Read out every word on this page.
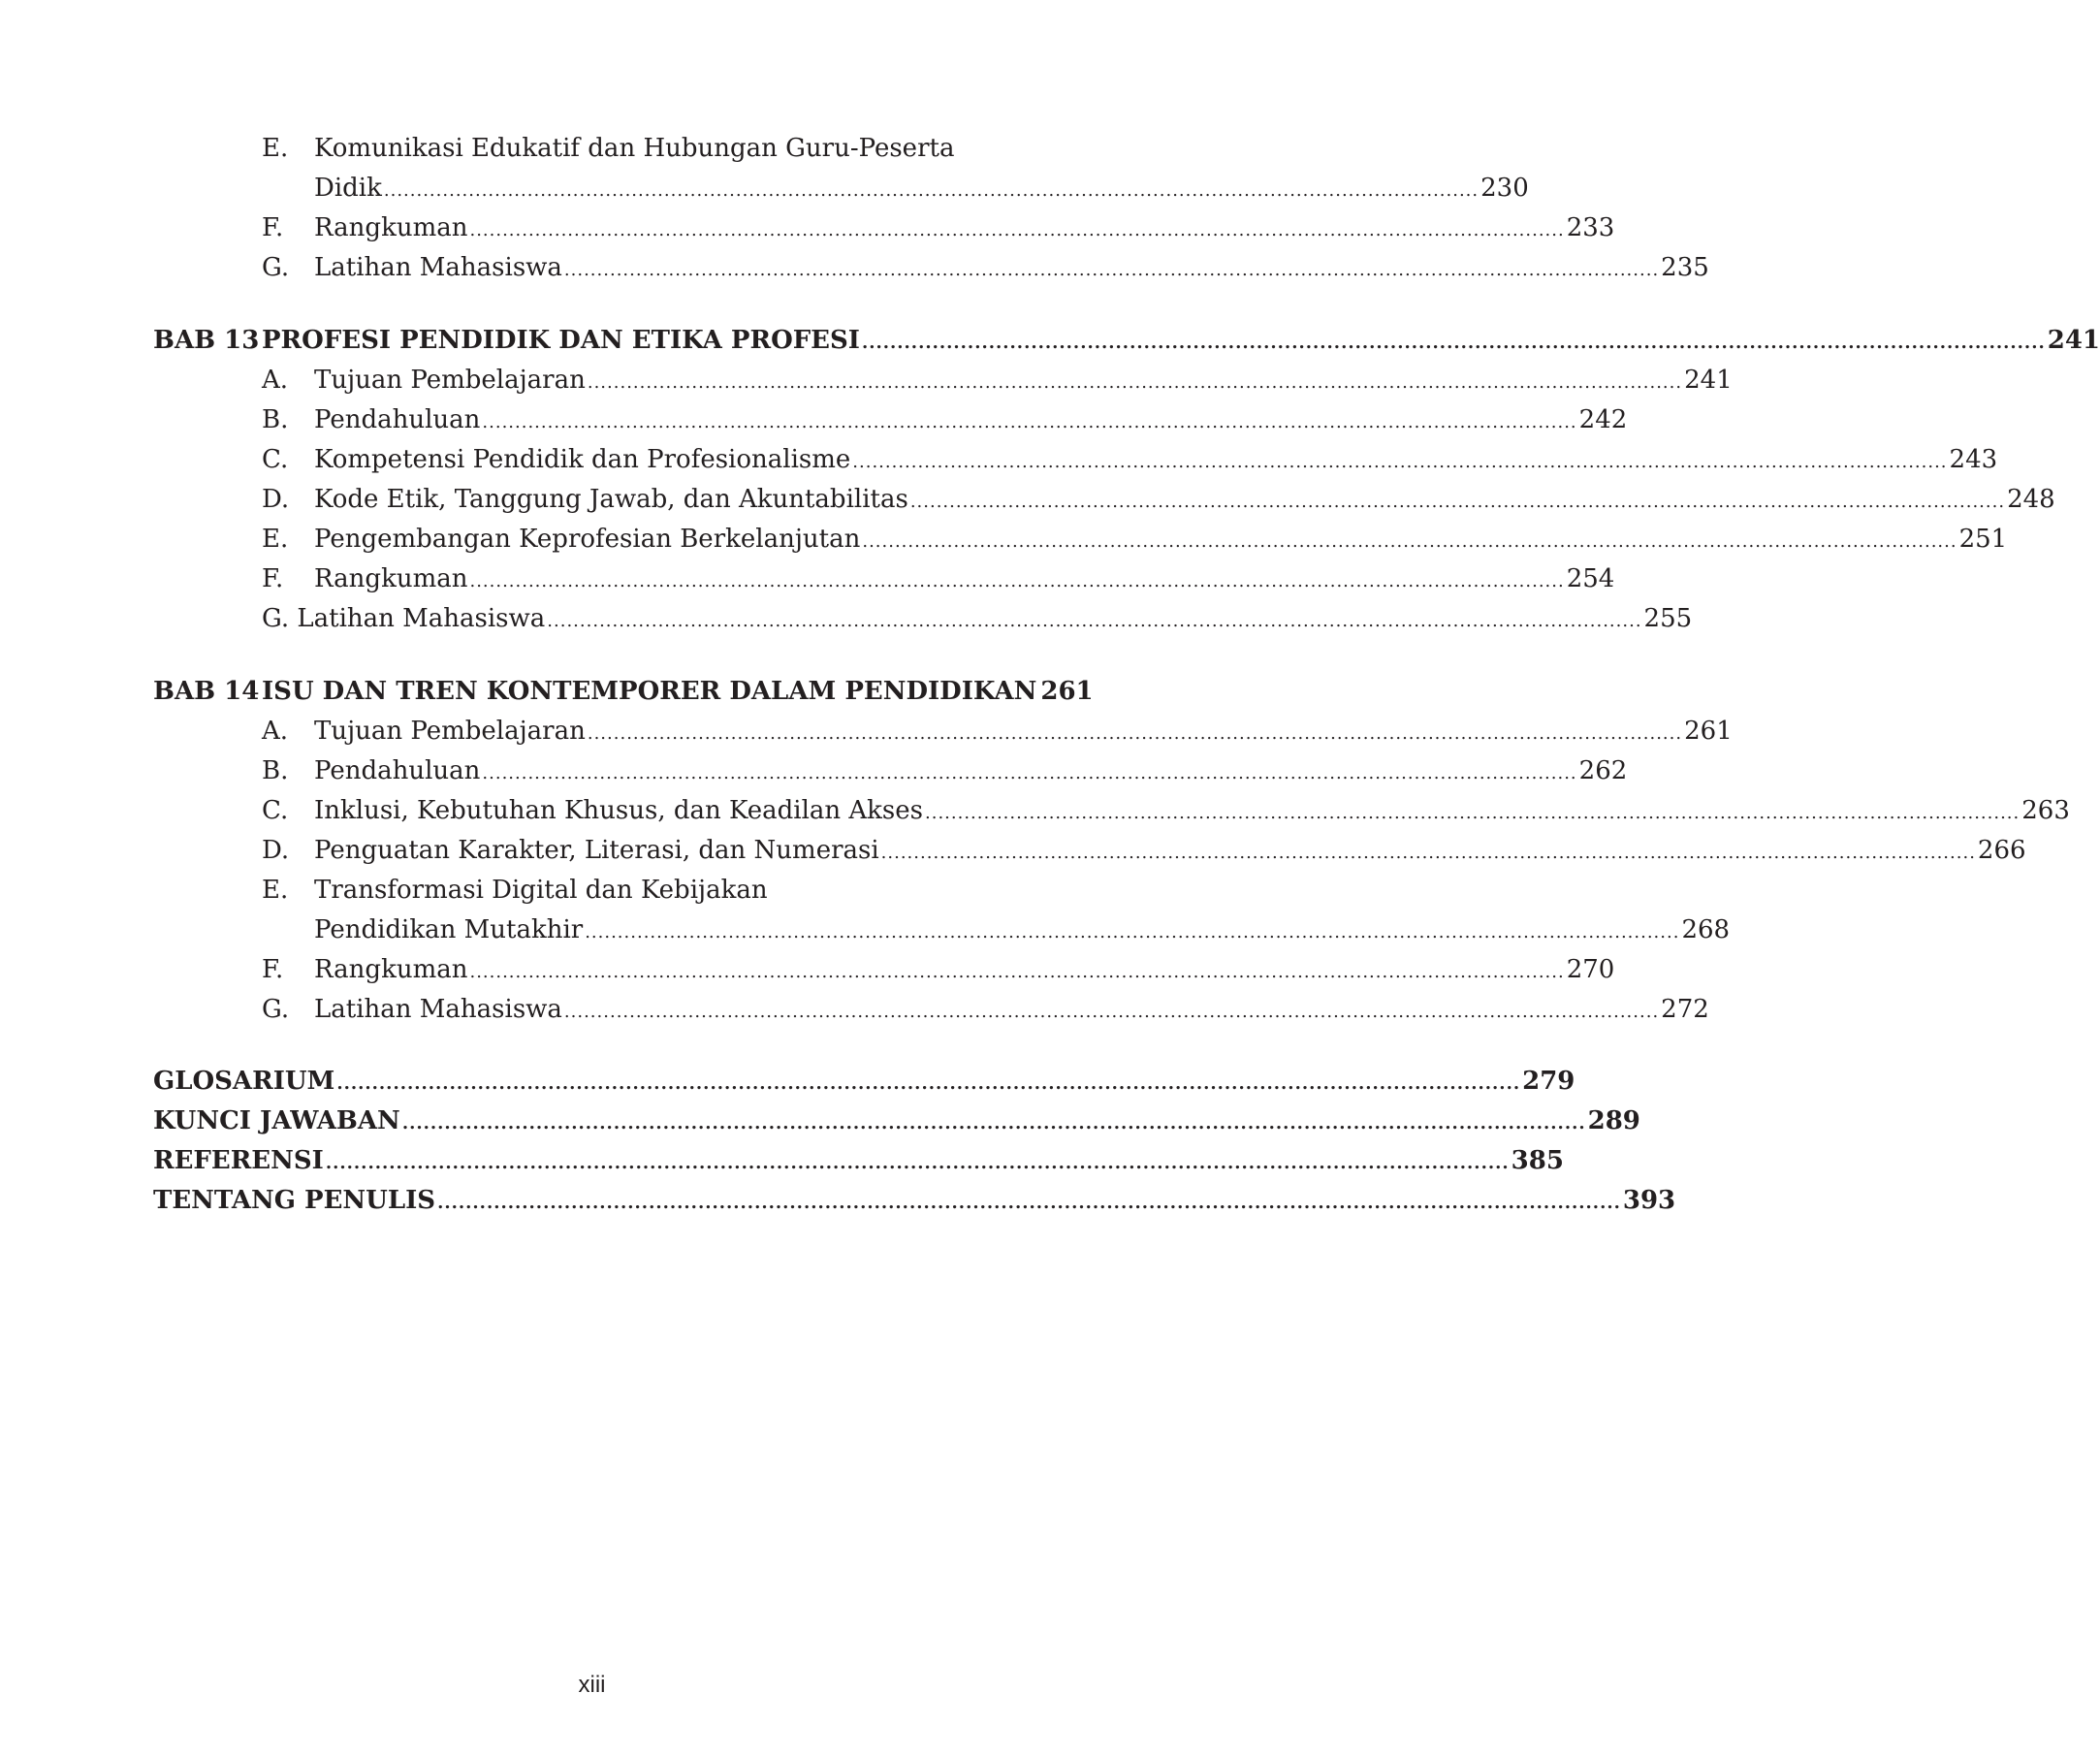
E. Komunikasi Edukatif dan Hubungan Guru-Peserta
Didik ........................................................................................................................................................................ 230
F. Rangkuman ........................................................................................................................................................................ 233
G. Latihan Mahasiswa ........................................................................................................................................................................ 235
BAB 13 PROFESI PENDIDIK DAN ETIKA PROFESI ........................................................................................................................................................................ 241
A. Tujuan Pembelajaran ........................................................................................................................................................................ 241
B. Pendahuluan ........................................................................................................................................................................ 242
C. Kompetensi Pendidik dan Profesionalisme ........................................................................................................................................................................ 243
D. Kode Etik, Tanggung Jawab, dan Akuntabilitas ........................................................................................................................................................................ 248
E. Pengembangan Keprofesian Berkelanjutan ........................................................................................................................................................................ 251
F. Rangkuman ........................................................................................................................................................................ 254
G. Latihan Mahasiswa ........................................................................................................................................................................ 255
BAB 14 ISU DAN TREN KONTEMPORER DALAM PENDIDIKAN 261
A. Tujuan Pembelajaran ........................................................................................................................................................................ 261
B. Pendahuluan ........................................................................................................................................................................ 262
C. Inklusi, Kebutuhan Khusus, dan Keadilan Akses ........................................................................................................................................................................ 263
D. Penguatan Karakter, Literasi, dan Numerasi ........................................................................................................................................................................ 266
E. Transformasi Digital dan Kebijakan
Pendidikan Mutakhir ........................................................................................................................................................................ 268
F. Rangkuman ........................................................................................................................................................................ 270
G. Latihan Mahasiswa ........................................................................................................................................................................ 272
GLOSARIUM ........................................................................................................................................................................ 279
KUNCI JAWABAN ........................................................................................................................................................................ 289
REFERENSI ........................................................................................................................................................................ 385
TENTANG PENULIS ........................................................................................................................................................................ 393
xiii
